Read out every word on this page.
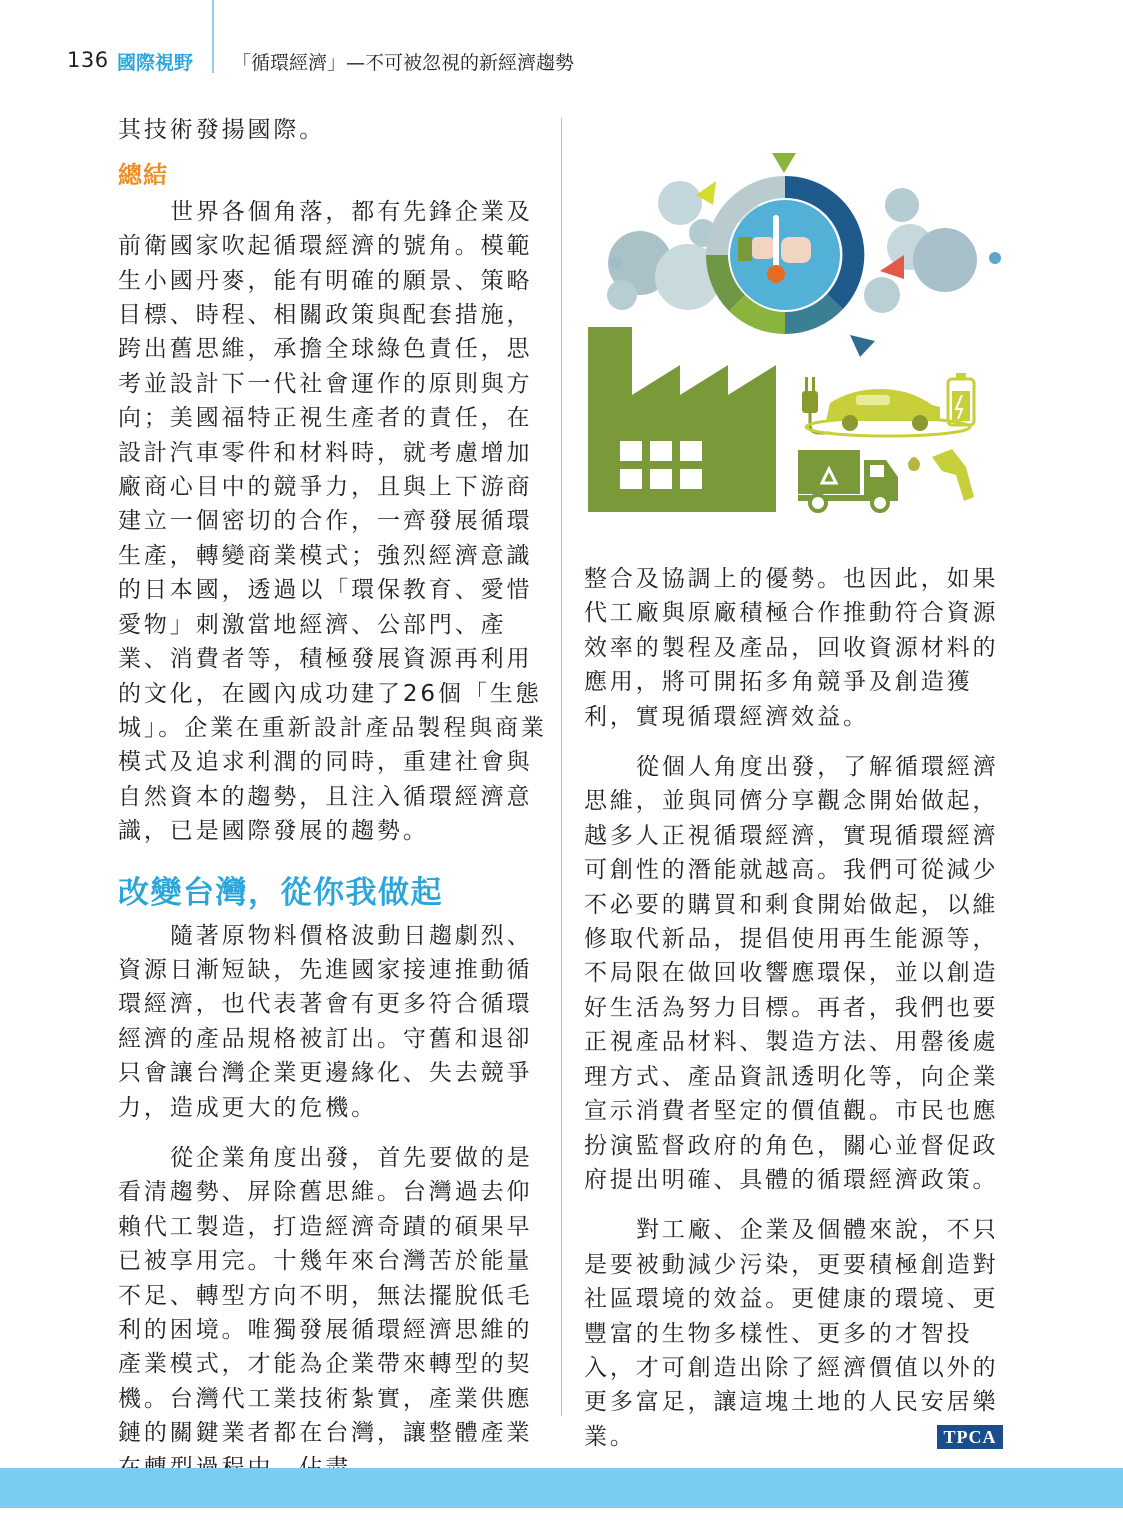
136 國際視野 「循環經濟」—不可被忽視的新經濟趨勢

其技術發揚國際。

總結

世界各個角落，都有先鋒企業及前衛國家吹起循環經濟的號角。模範生小國丹麥，能有明確的願景、策略目標、時程、相關政策與配套措施，跨出舊思維，承擔全球綠色責任，思考並設計下一代社會運作的原則與方向；美國福特正視生產者的責任，在設計汽車零件和材料時，就考慮增加廠商心目中的競爭力，且與上下游商建立一個密切的合作，一齊發展循環生產，轉變商業模式；強烈經濟意識的日本國，透過以「環保教育、愛惜愛物」刺激當地經濟、公部門、產業、消費者等，積極發展資源再利用的文化，在國內成功建了26個「生態城」。企業在重新設計產品製程與商業模式及追求利潤的同時，重建社會與自然資本的趨勢，且注入循環經濟意識，已是國際發展的趨勢。

改變台灣，從你我做起

隨著原物料價格波動日趨劇烈、資源日漸短缺，先進國家接連推動循環經濟，也代表著會有更多符合循環經濟的產品規格被訂出。守舊和退卻只會讓台灣企業更邊緣化、失去競爭力，造成更大的危機。

從企業角度出發，首先要做的是看清趨勢、屏除舊思維。台灣過去仰賴代工製造，打造經濟奇蹟的碩果早已被享用完。十幾年來台灣苦於能量不足、轉型方向不明，無法擺脫低毛利的困境。唯獨發展循環經濟思維的產業模式，才能為企業帶來轉型的契機。台灣代工業技術紮實，產業供應鏈的關鍵業者都在台灣，讓整體產業

整合及協調上的優勢。也因此，如果代工廠與原廠積極合作推動符合資源效率的製程及產品，回收資源材料的應用，將可開拓多角競爭及創造獲利，實現循環經濟效益。

從個人角度出發，了解循環經濟思維，並與同儕分享觀念開始做起，越多人正視循環經濟，實現循環經濟可創性的潛能就越高。我們可從減少不必要的購買和剩食開始做起，以維修取代新品，提倡使用再生能源等，不局限在做回收響應環保，並以創造好生活為努力目標。再者，我們也要正視產品材料、製造方法、用罄後處理方式、產品資訊透明化等，向企業宣示消費者堅定的價值觀。市民也應扮演監督政府的角色，關心並督促政府提出明確、具體的循環經濟政策。

對工廠、企業及個體來說，不只是要被動減少污染，更要積極創造對社區環境的效益。更健康的環境、更豐富的生物多樣性、更多的才智投入，才可創造出除了經濟價值以外的更多富足，讓這塊土地的人民安居樂業。	TPCA
